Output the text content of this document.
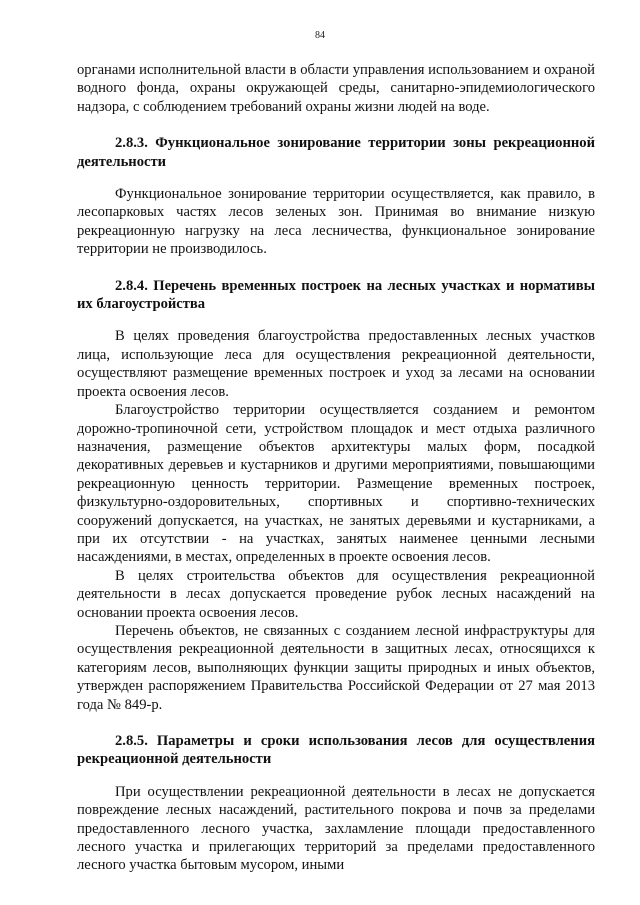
84

органами исполнительной власти в области управления использованием и охраной водного фонда, охраны окружающей среды, санитарно-эпидемиологического надзора, с соблюдением требований охраны жизни людей на воде.

2.8.3. Функциональное зонирование территории зоны рекреационной деятельности

Функциональное зонирование территории осуществляется, как правило, в лесопарковых частях лесов зеленых зон. Принимая во внимание низкую рекреационную нагрузку на леса лесничества, функциональное зонирование территории не производилось.

2.8.4. Перечень временных построек на лесных участках и нормативы их благоустройства

В целях проведения благоустройства предоставленных лесных участков лица, использующие леса для осуществления рекреационной деятельности, осуществляют размещение временных построек и уход за лесами на основании проекта освоения лесов.

Благоустройство территории осуществляется созданием и ремонтом дорожно-тропиночной сети, устройством площадок и мест отдыха различного назначения, размещение объектов архитектуры малых форм, посадкой декоративных деревьев и кустарников и другими мероприятиями, повышающими рекреационную ценность территории. Размещение временных построек, физкультурно-оздоровительных, спортивных и спортивно-технических сооружений допускается, на участках, не занятых деревьями и кустарниками, а при их отсутствии - на участках, занятых наименее ценными лесными насаждениями, в местах, определенных в проекте освоения лесов.

В целях строительства объектов для осуществления рекреационной деятельности в лесах допускается проведение рубок лесных насаждений на основании проекта освоения лесов.

Перечень объектов, не связанных с созданием лесной инфраструктуры для осуществления рекреационной деятельности в защитных лесах, относящихся к категориям лесов, выполняющих функции защиты природных и иных объектов, утвержден распоряжением Правительства Российской Федерации от 27 мая 2013 года № 849-р.

2.8.5. Параметры и сроки использования лесов для осуществления рекреационной деятельности

При осуществлении рекреационной деятельности в лесах не допускается повреждение лесных насаждений, растительного покрова и почв за пределами предоставленного лесного участка, захламление площади предоставленного лесного участка и прилегающих территорий за пределами предоставленного лесного участка бытовым мусором, иными
